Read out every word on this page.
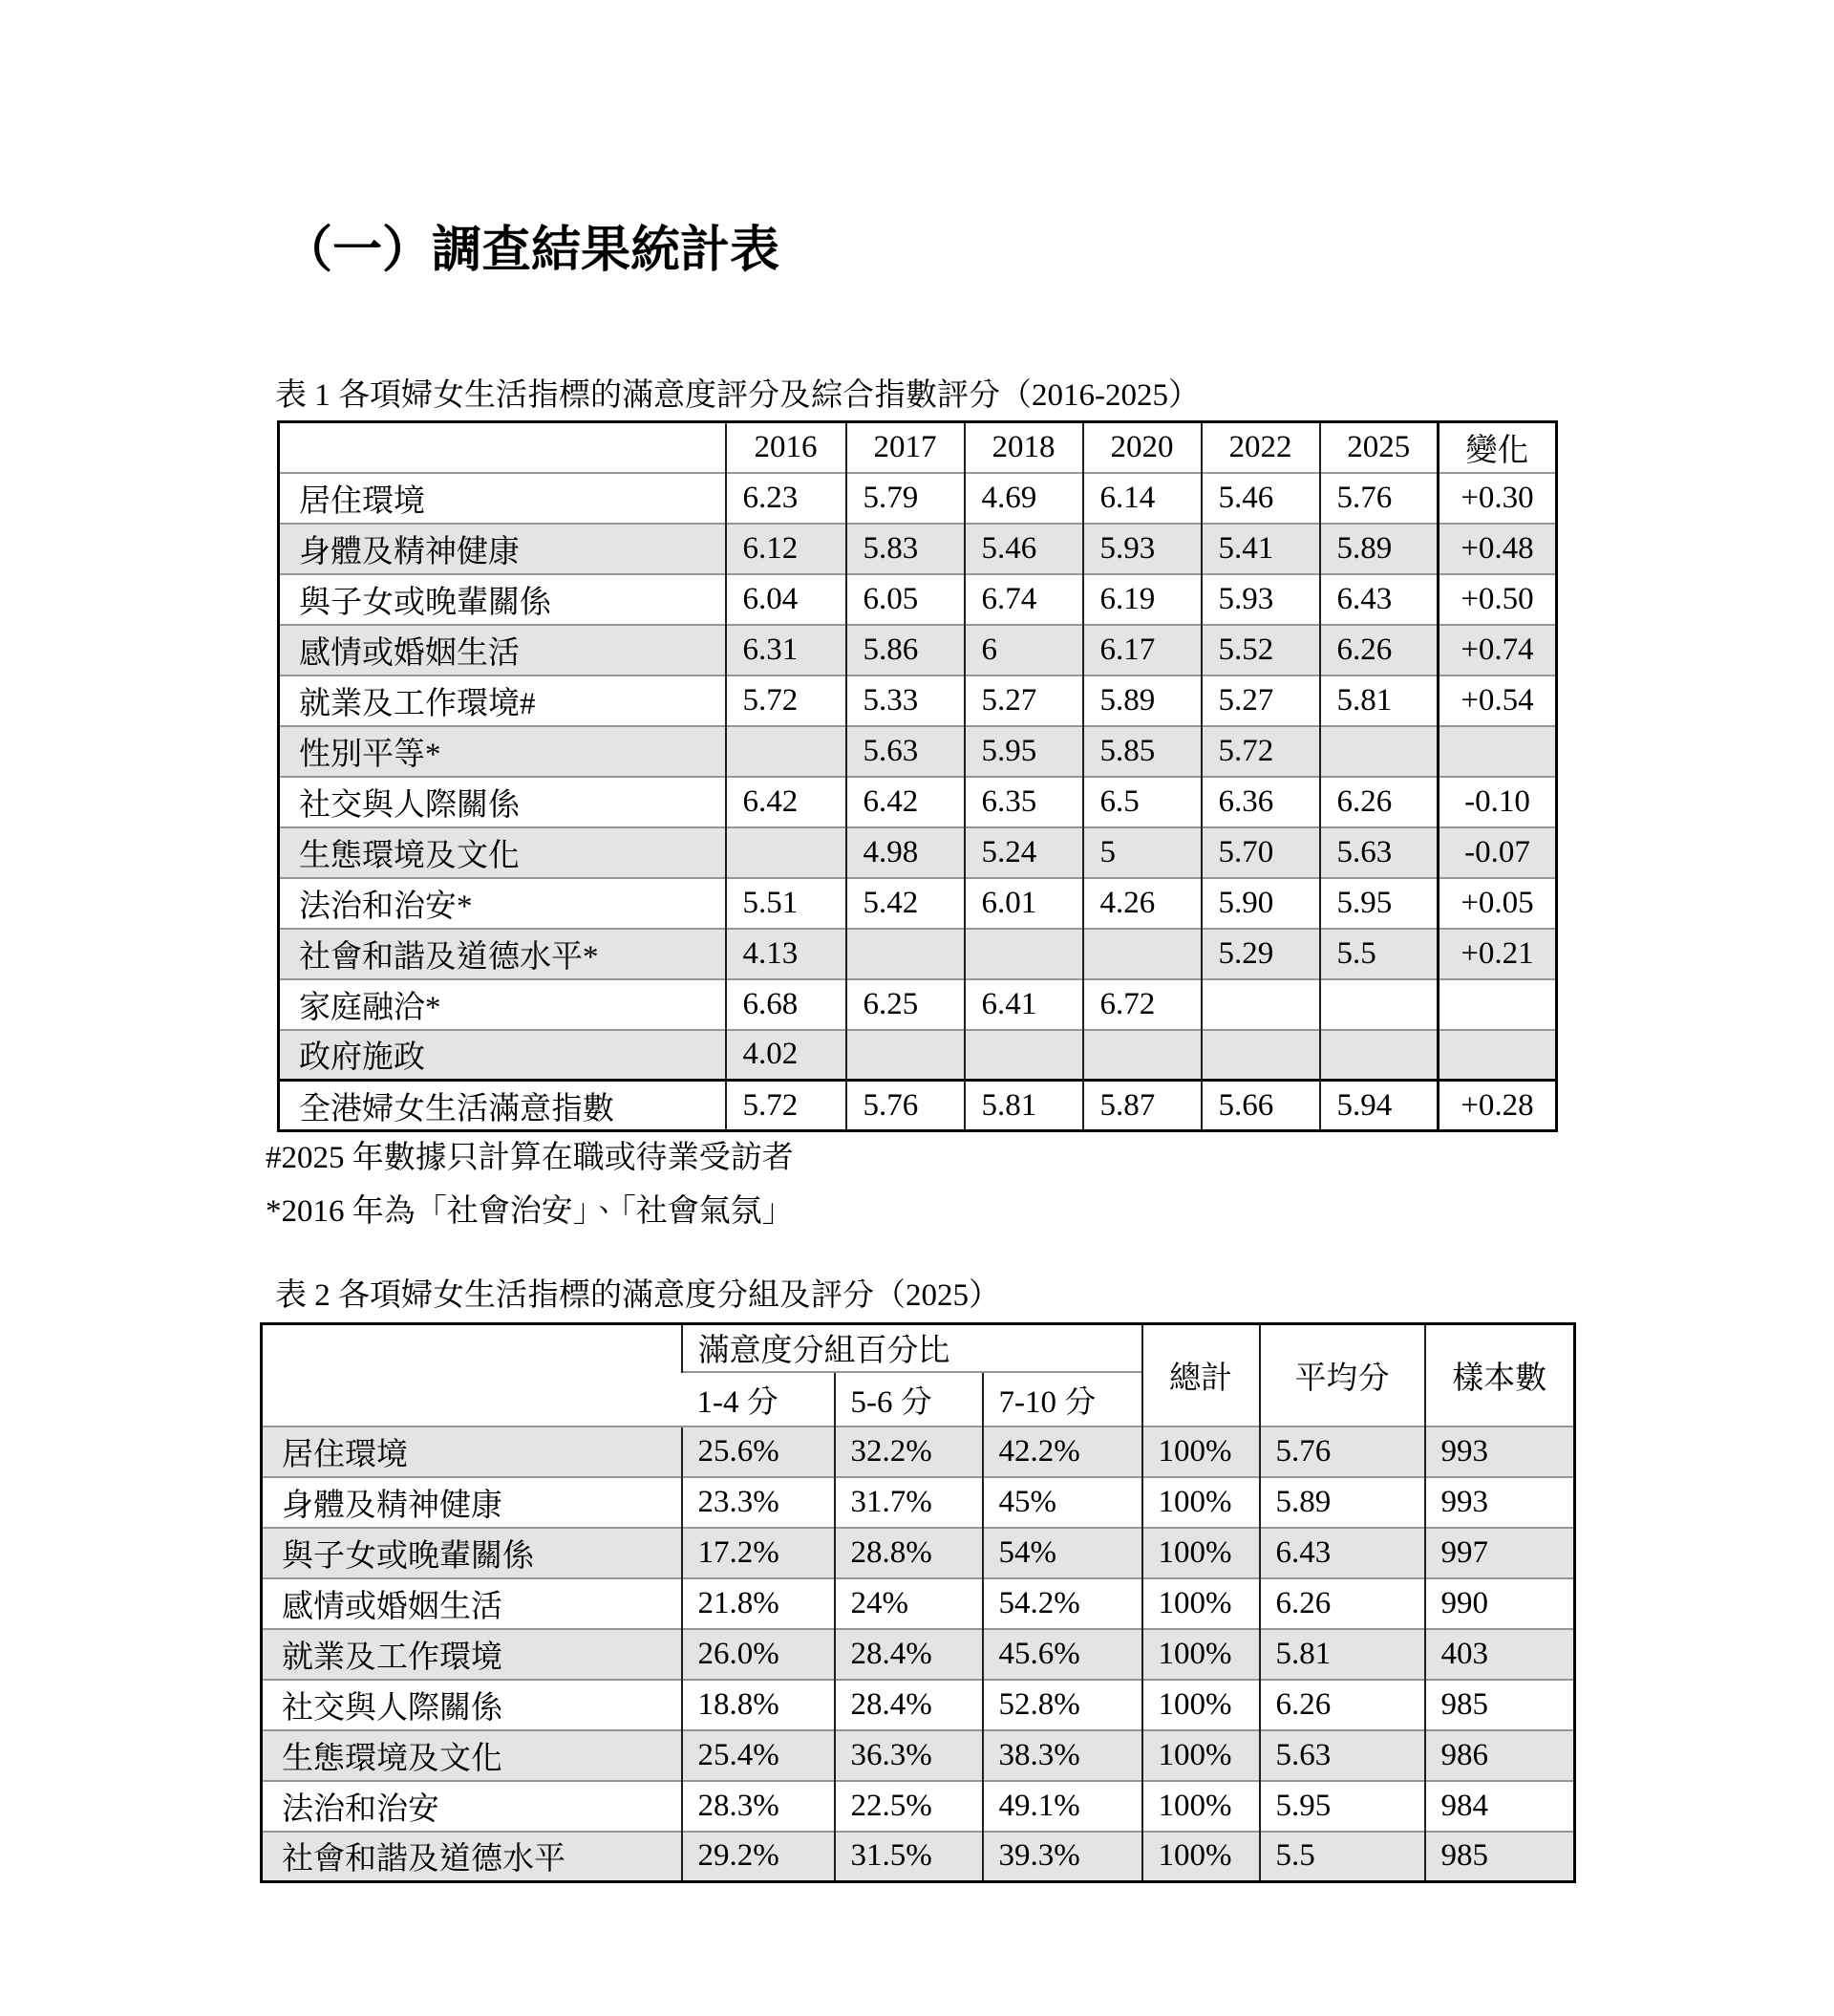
（一）調查結果統計表
表 1 各項婦女生活指標的滿意度評分及綜合指數評分（2016-2025）
	2016	2017	2018	2020	2022	2025	變化
居住環境	6.23	5.79	4.69	6.14	5.46	5.76	+0.30
身體及精神健康	6.12	5.83	5.46	5.93	5.41	5.89	+0.48
與子女或晚輩關係	6.04	6.05	6.74	6.19	5.93	6.43	+0.50
感情或婚姻生活	6.31	5.86	6	6.17	5.52	6.26	+0.74
就業及工作環境#	5.72	5.33	5.27	5.89	5.27	5.81	+0.54
性別平等*		5.63	5.95	5.85	5.72		
社交與人際關係	6.42	6.42	6.35	6.5	6.36	6.26	-0.10
生態環境及文化		4.98	5.24	5	5.70	5.63	-0.07
法治和治安*	5.51	5.42	6.01	4.26	5.90	5.95	+0.05
社會和諧及道德水平*	4.13				5.29	5.5	+0.21
家庭融洽*	6.68	6.25	6.41	6.72			
政府施政	4.02						
全港婦女生活滿意指數	5.72	5.76	5.81	5.87	5.66	5.94	+0.28
#2025 年數據只計算在職或待業受訪者
*2016 年為「社會治安」、「社會氣氛」
表 2 各項婦女生活指標的滿意度分組及評分（2025）
	滿意度分組百分比			總計	平均分	樣本數
	1-4 分	5-6 分	7-10 分			
居住環境	25.6%	32.2%	42.2%	100%	5.76	993
身體及精神健康	23.3%	31.7%	45%	100%	5.89	993
與子女或晚輩關係	17.2%	28.8%	54%	100%	6.43	997
感情或婚姻生活	21.8%	24%	54.2%	100%	6.26	990
就業及工作環境	26.0%	28.4%	45.6%	100%	5.81	403
社交與人際關係	18.8%	28.4%	52.8%	100%	6.26	985
生態環境及文化	25.4%	36.3%	38.3%	100%	5.63	986
法治和治安	28.3%	22.5%	49.1%	100%	5.95	984
社會和諧及道德水平	29.2%	31.5%	39.3%	100%	5.5	985
